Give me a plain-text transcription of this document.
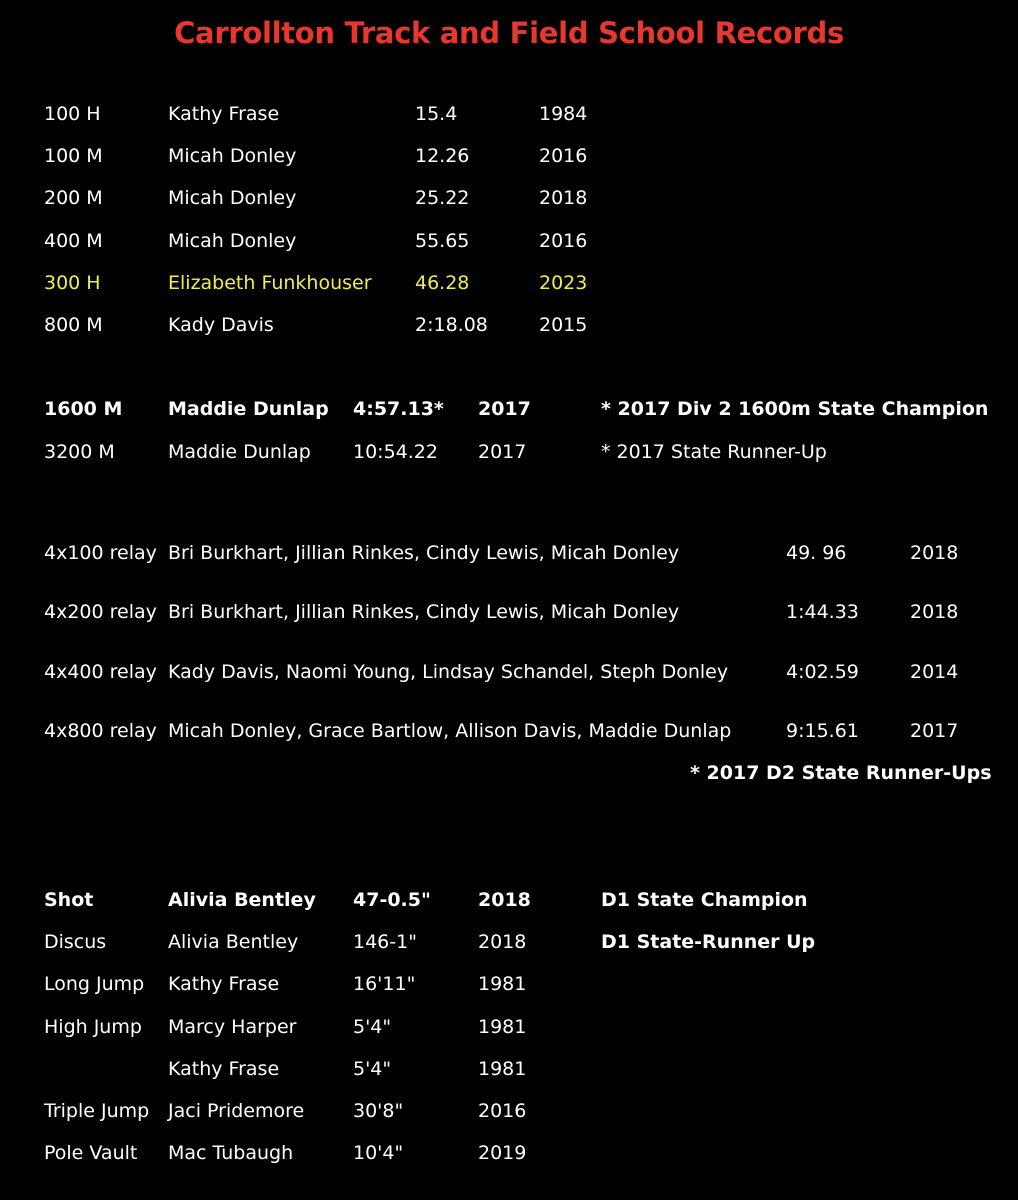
Carrollton Track and Field School Records
100 H	Kathy Frase	15.4	1984
100 M	Micah Donley	12.26	2016
200 M	Micah Donley	25.22	2018
400 M	Micah Donley	55.65	2016
300 H	Elizabeth Funkhouser 46.28	2023
800 M	Kady Davis	2:18.08	2015
1600 M Maddie Dunlap 4:57.13* 2017	* 2017 Div 2 1600m State Champion
3200 M	Maddie Dunlap 10:54.22 2017	* 2017 State Runner-Up
4x100 relay Bri Burkhart, Jillian Rinkes, Cindy Lewis, Micah Donley	49. 96	2018
4x200 relay Bri Burkhart, Jillian Rinkes, Cindy Lewis, Micah Donley	1:44.33	2018
4x400 relay Kady Davis, Naomi Young, Lindsay Schandel, Steph Donley	4:02.59	2014
4x800 relay Micah Donley, Grace Bartlow, Allison Davis, Maddie Dunlap	9:15.61	2017
* 2017 D2 State Runner-Ups
Shot	Alivia Bentley 47-0.5" 2018	D1 State Champion
Discus	Alivia Bentley	146-1"	2018	D1 State-Runner Up
Long Jump Kathy Frase	16'11"	1981
High Jump Marcy Harper	5'4"	1981
Kathy Frase	5'4"	1981
Triple Jump Jaci Pridemore	30'8"	2016
Pole Vault Mac Tubaugh	10'4"	2019
